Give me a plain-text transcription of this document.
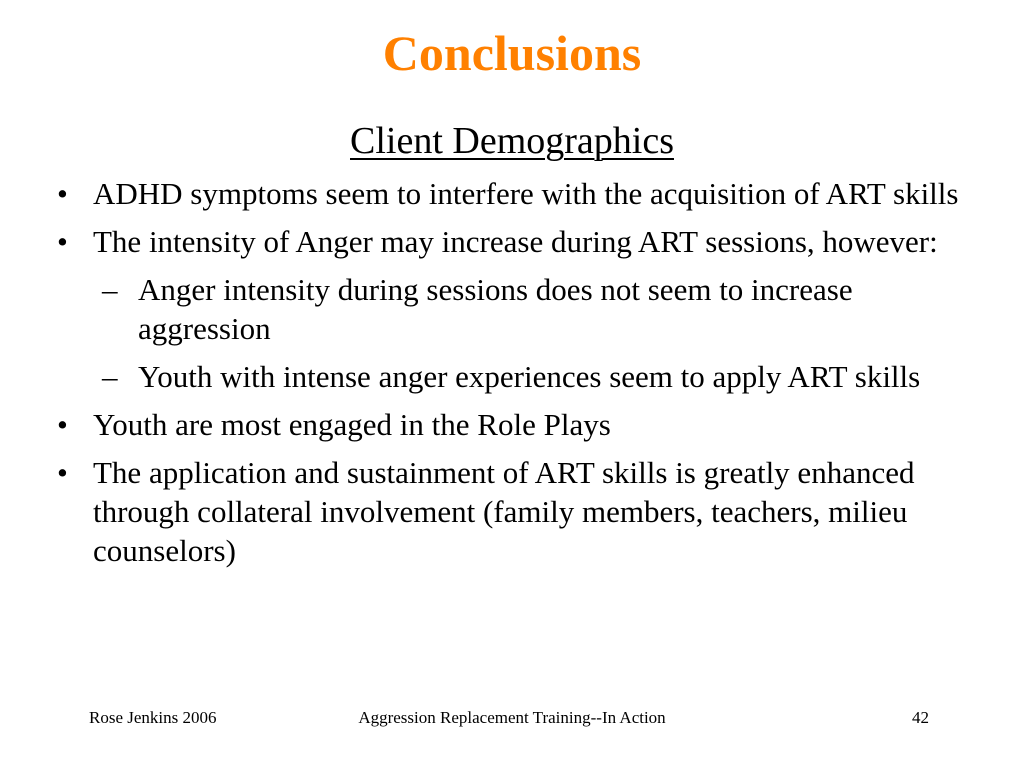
Conclusions
Client Demographics
• ADHD symptoms seem to interfere with the acquisition of ART skills
• The intensity of Anger may increase during ART sessions, however:
– Anger intensity during sessions does not seem to increase aggression
– Youth with intense anger experiences seem to apply ART skills
• Youth are most engaged in the Role Plays
• The application and sustainment of ART skills is greatly enhanced through collateral involvement (family members, teachers, milieu counselors)
Rose Jenkins 2006	Aggression Replacement Training--In Action	42
